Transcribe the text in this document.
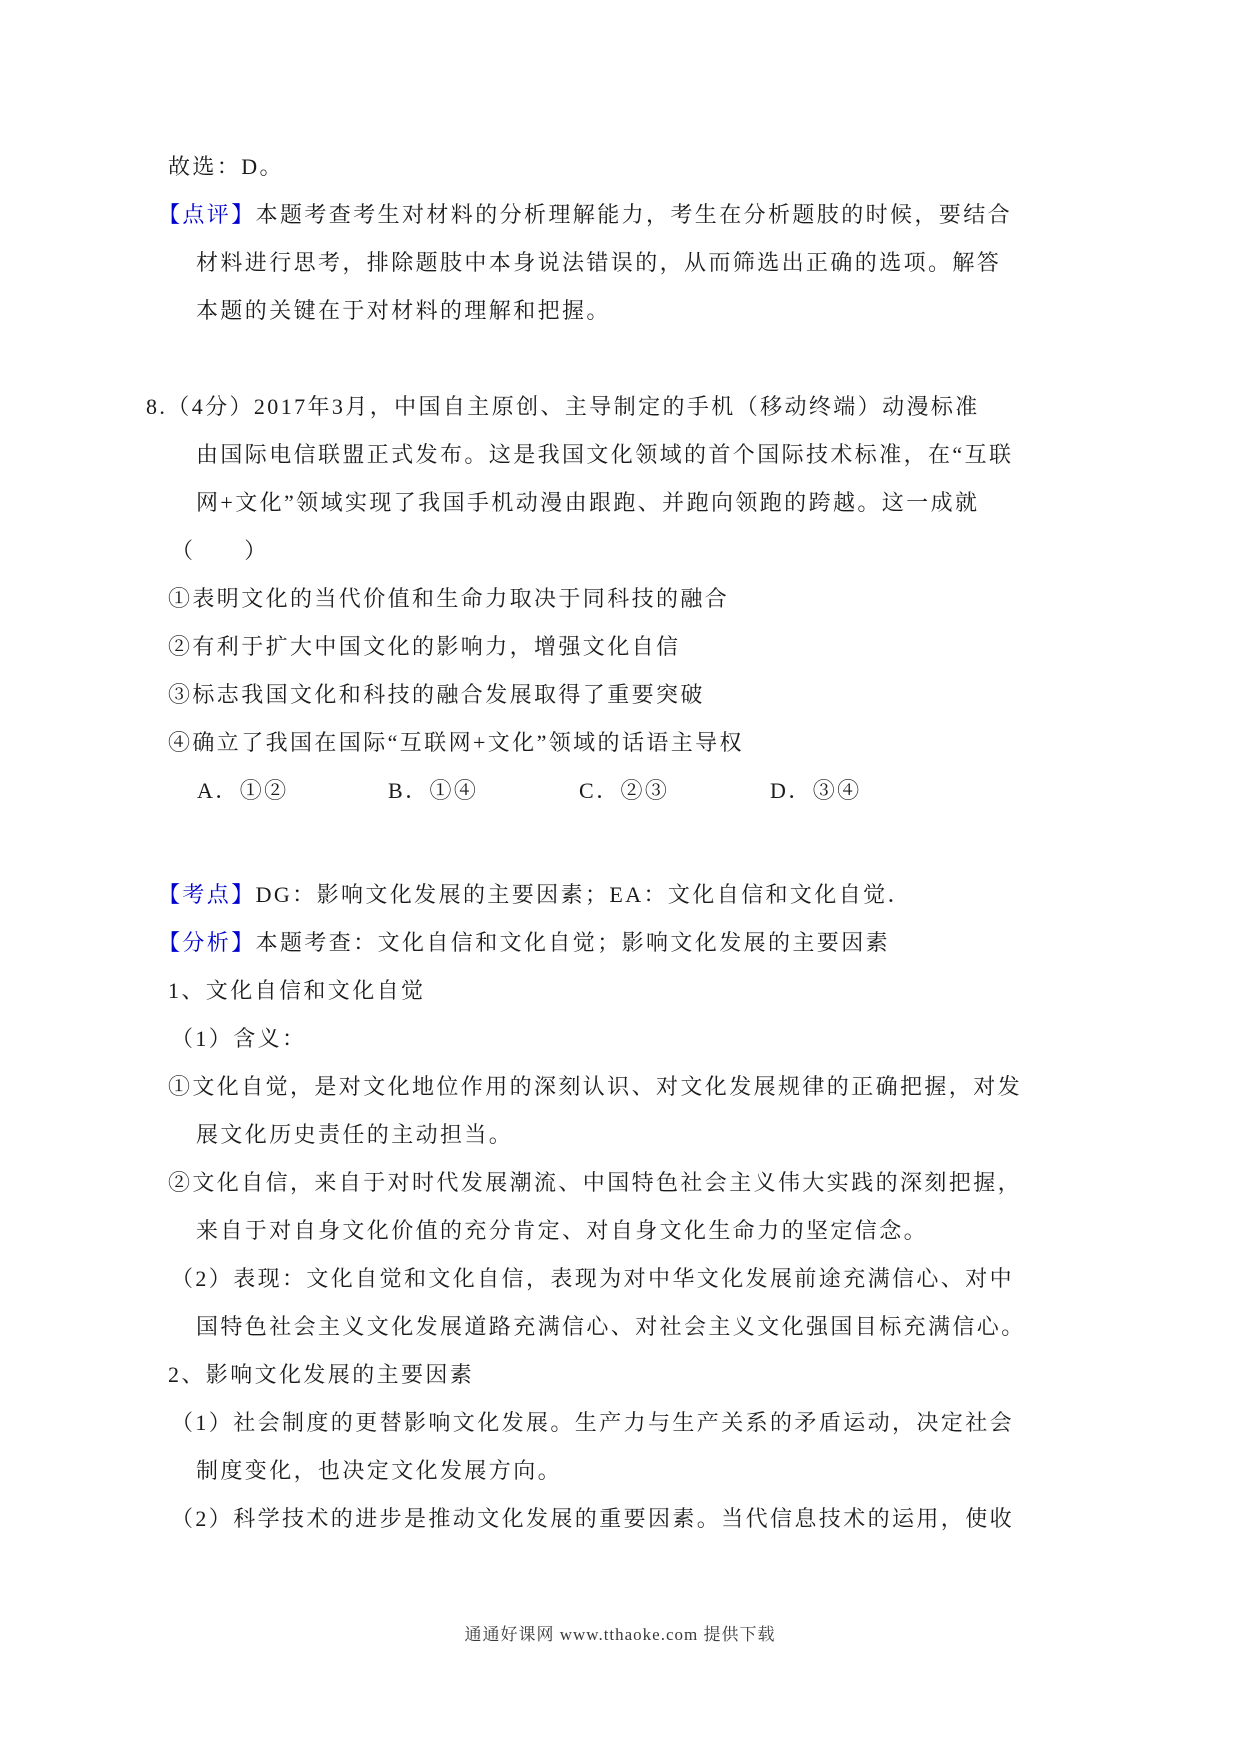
故选：D。
【点评】本题考查考生对材料的分析理解能力，考生在分析题肢的时候，要结合
材料进行思考，排除题肢中本身说法错误的，从而筛选出正确的选项。解答
本题的关键在于对材料的理解和把握。
8.（4分）2017年3月，中国自主原创、主导制定的手机（移动终端）动漫标准
由国际电信联盟正式发布。这是我国文化领域的首个国际技术标准，在“互联
网+文化”领域实现了我国手机动漫由跟跑、并跑向领跑的跨越。这一成就
（　　）
①表明文化的当代价值和生命力取决于同科技的融合
②有利于扩大中国文化的影响力，增强文化自信
③标志我国文化和科技的融合发展取得了重要突破
④确立了我国在国际“互联网+文化”领域的话语主导权
A．①②	B．①④	C．②③	D．③④
【考点】DG：影响文化发展的主要因素；EA：文化自信和文化自觉．
【分析】本题考查：文化自信和文化自觉；影响文化发展的主要因素
1、文化自信和文化自觉
（1）含义：
①文化自觉，是对文化地位作用的深刻认识、对文化发展规律的正确把握，对发
展文化历史责任的主动担当。
②文化自信，来自于对时代发展潮流、中国特色社会主义伟大实践的深刻把握，
来自于对自身文化价值的充分肯定、对自身文化生命力的坚定信念。
（2）表现：文化自觉和文化自信，表现为对中华文化发展前途充满信心、对中
国特色社会主义文化发展道路充满信心、对社会主义文化强国目标充满信心。
2、影响文化发展的主要因素
（1）社会制度的更替影响文化发展。生产力与生产关系的矛盾运动，决定社会
制度变化，也决定文化发展方向。
（2）科学技术的进步是推动文化发展的重要因素。当代信息技术的运用，使收
通通好课网 www.tthaoke.com 提供下载
